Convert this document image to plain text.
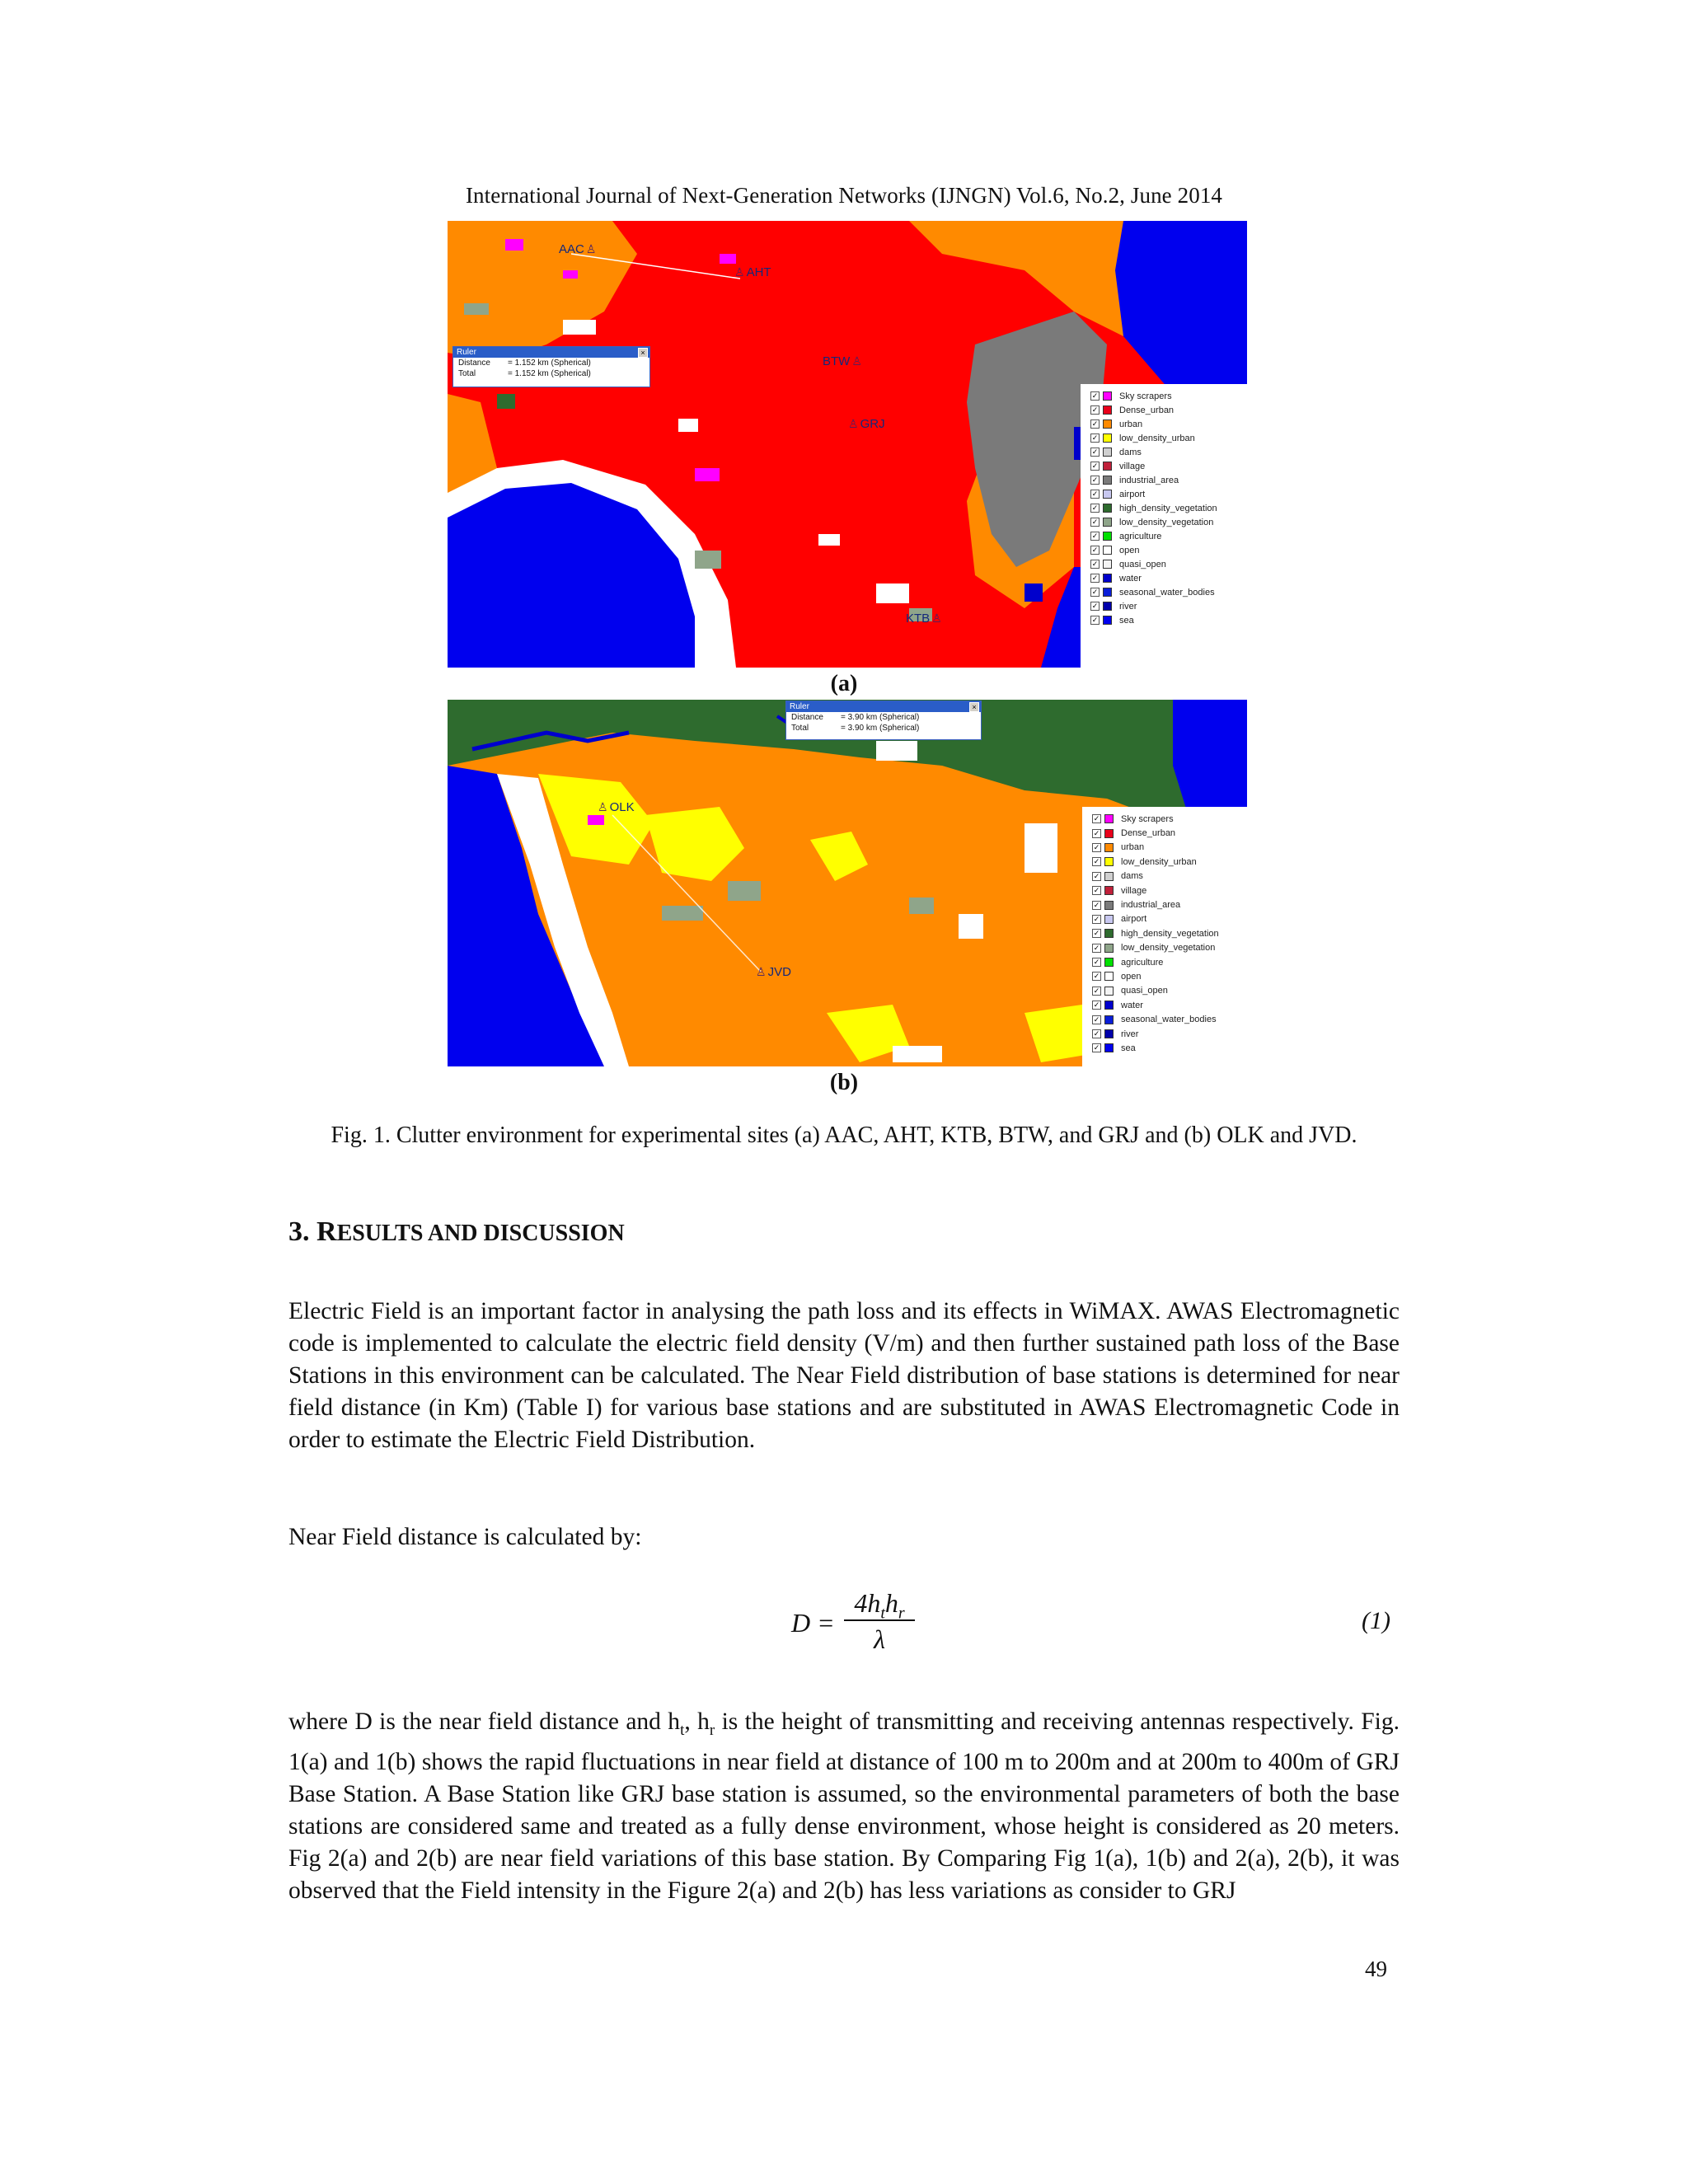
International Journal of Next-Generation Networks (IJNGN) Vol.6, No.2, June 2014
AAC ♙
♙ AHT
BTW ♙
♙ GRJ
KTB ♙
Ruler	×
Distance	= 1.152 km (Spherical)
Total	= 1.152 km (Spherical)
✓ Sky scrapers
✓ Dense_urban
✓ urban
✓ low_density_urban
✓ dams
✓ village
✓ industrial_area
✓ airport
✓ high_density_vegetation
✓ low_density_vegetation
✓ agriculture
✓ open
✓ quasi_open
✓ water
✓ seasonal_water_bodies
✓ river
✓ sea
(a)
♙ OLK
♙ JVD
Ruler	×
Distance	= 3.90 km (Spherical)
Total	= 3.90 km (Spherical)
✓ Sky scrapers
✓ Dense_urban
✓ urban
✓ low_density_urban
✓ dams
✓ village
✓ industrial_area
✓ airport
✓ high_density_vegetation
✓ low_density_vegetation
✓ agriculture
✓ open
✓ quasi_open
✓ water
✓ seasonal_water_bodies
✓ river
✓ sea
(b)
Fig. 1. Clutter environment for experimental sites (a) AAC, AHT, KTB, BTW, and GRJ and (b) OLK and JVD.
3. RESULTS AND DISCUSSION

Electric Field is an important factor in analysing the path loss and its effects in WiMAX. AWAS Electromagnetic code is implemented to calculate the electric field density (V/m) and then further sustained path loss of the Base Stations in this environment can be calculated. The Near Field distribution of base stations is determined for near field distance (in Km) (Table I) for various base stations and are substituted in AWAS Electromagnetic Code in order to estimate the Electric Field Distribution.

Near Field distance is calculated by:

D =
$4h_th_r$
λ
(1)

where D is the near field distance and $h_t$, $h_r$ is the height of transmitting and receiving antennas respectively. Fig. 1(a) and 1(b) shows the rapid fluctuations in near field at distance of 100 m to 200m and at 200m to 400m of GRJ Base Station. A Base Station like GRJ base station is assumed, so the environmental parameters of both the base stations are considered same and treated as a fully dense environment, whose height is considered as 20 meters. Fig 2(a) and 2(b) are near field variations of this base station. By Comparing Fig 1(a), 1(b) and 2(a), 2(b), it was observed that the Field intensity in the Figure 2(a) and 2(b) has less variations as consider to GRJ

49
